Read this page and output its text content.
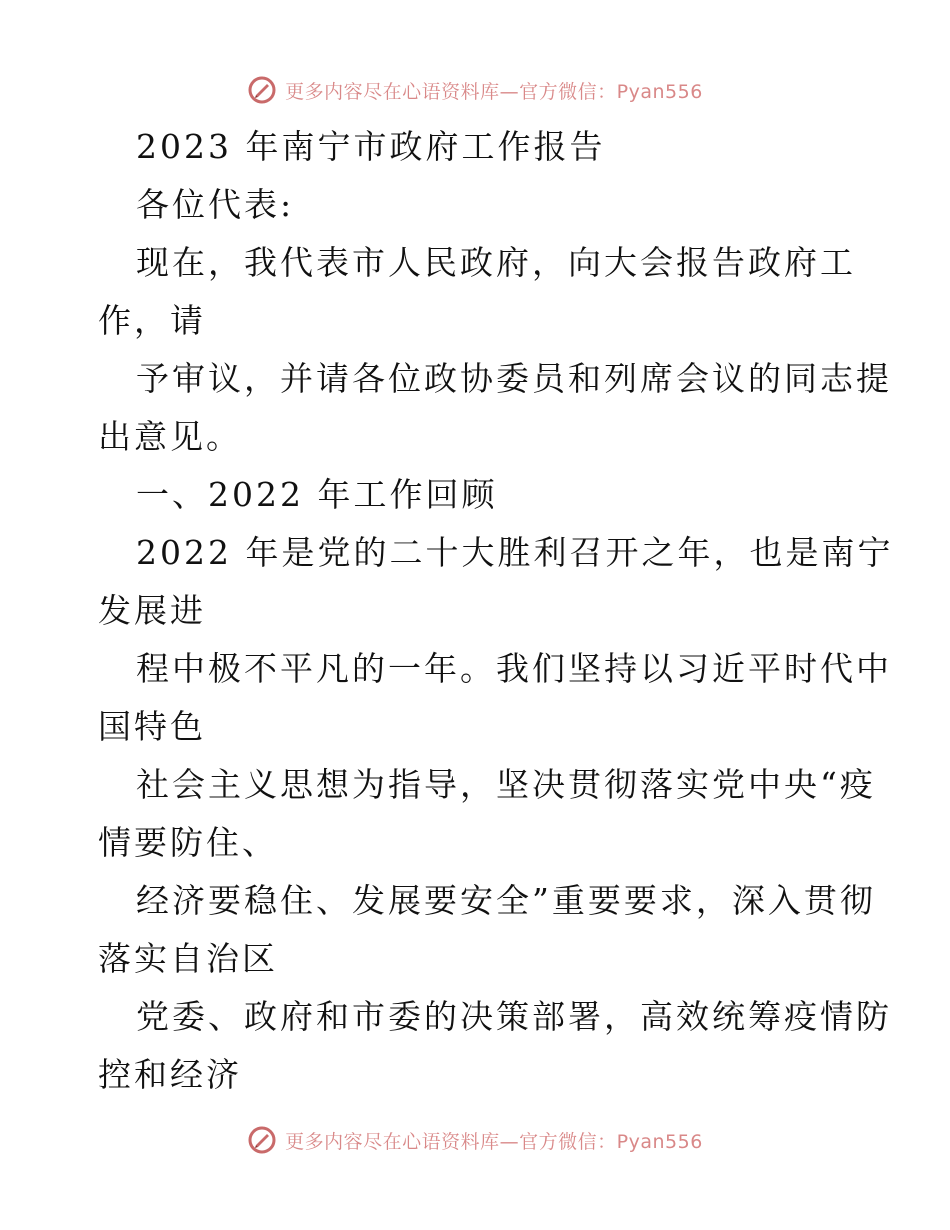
更多内容尽在心语资料库—官方微信：Pyan556
2023 年南宁市政府工作报告
各位代表:
现在，我代表市人民政府，向大会报告政府工
作，请
予审议，并请各位政协委员和列席会议的同志提
出意见。
一、2022 年工作回顾
2022 年是党的二十大胜利召开之年，也是南宁
发展进
程中极不平凡的一年。我们坚持以习近平时代中
国特色
社会主义思想为指导，坚决贯彻落实党中央“疫
情要防住、
经济要稳住、发展要安全”重要要求，深入贯彻
落实自治区
党委、政府和市委的决策部署，高效统筹疫情防
控和经济
更多内容尽在心语资料库—官方微信：Pyan556
